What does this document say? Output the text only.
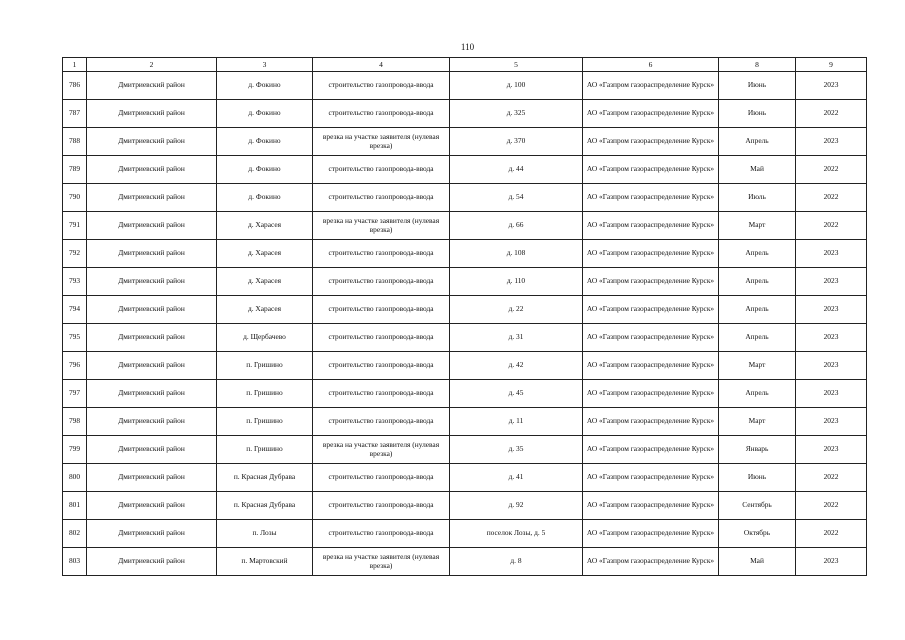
110
1	2	3	4	5	6	8	9
786	Дмитриевский район	д. Фокино	строительство газопровода-ввода	д. 100	АО «Газпром газораспределение Курск»	Июнь	2023
787	Дмитриевский район	д. Фокино	строительство газопровода-ввода	д. 325	АО «Газпром газораспределение Курск»	Июнь	2022
788	Дмитриевский район	д. Фокино	врезка на участке заявителя (нулевая врезка)	д. 370	АО «Газпром газораспределение Курск»	Апрель	2023
789	Дмитриевский район	д. Фокино	строительство газопровода-ввода	д. 44	АО «Газпром газораспределение Курск»	Май	2022
790	Дмитриевский район	д. Фокино	строительство газопровода-ввода	д. 54	АО «Газпром газораспределение Курск»	Июль	2022
791	Дмитриевский район	д. Харасея	врезка на участке заявителя (нулевая врезка)	д. 66	АО «Газпром газораспределение Курск»	Март	2022
792	Дмитриевский район	д. Харасея	строительство газопровода-ввода	д. 108	АО «Газпром газораспределение Курск»	Апрель	2023
793	Дмитриевский район	д. Харасея	строительство газопровода-ввода	д. 110	АО «Газпром газораспределение Курск»	Апрель	2023
794	Дмитриевский район	д. Харасея	строительство газопровода-ввода	д. 22	АО «Газпром газораспределение Курск»	Апрель	2023
795	Дмитриевский район	д. Щербачево	строительство газопровода-ввода	д. 31	АО «Газпром газораспределение Курск»	Апрель	2023
796	Дмитриевский район	п. Гришино	строительство газопровода-ввода	д. 42	АО «Газпром газораспределение Курск»	Март	2023
797	Дмитриевский район	п. Гришино	строительство газопровода-ввода	д. 45	АО «Газпром газораспределение Курск»	Апрель	2023
798	Дмитриевский район	п. Гришино	строительство газопровода-ввода	д. 11	АО «Газпром газораспределение Курск»	Март	2023
799	Дмитриевский район	п. Гришино	врезка на участке заявителя (нулевая врезка)	д. 35	АО «Газпром газораспределение Курск»	Январь	2023
800	Дмитриевский район	п. Красная Дубрава	строительство газопровода-ввода	д. 41	АО «Газпром газораспределение Курск»	Июнь	2022
801	Дмитриевский район	п. Красная Дубрава	строительство газопровода-ввода	д. 92	АО «Газпром газораспределение Курск»	Сентябрь	2022
802	Дмитриевский район	п. Лозы	строительство газопровода-ввода	поселок Лозы, д. 5	АО «Газпром газораспределение Курск»	Октябрь	2022
803	Дмитриевский район	п. Мартовский	врезка на участке заявителя (нулевая врезка)	д. 8	АО «Газпром газораспределение Курск»	Май	2023
